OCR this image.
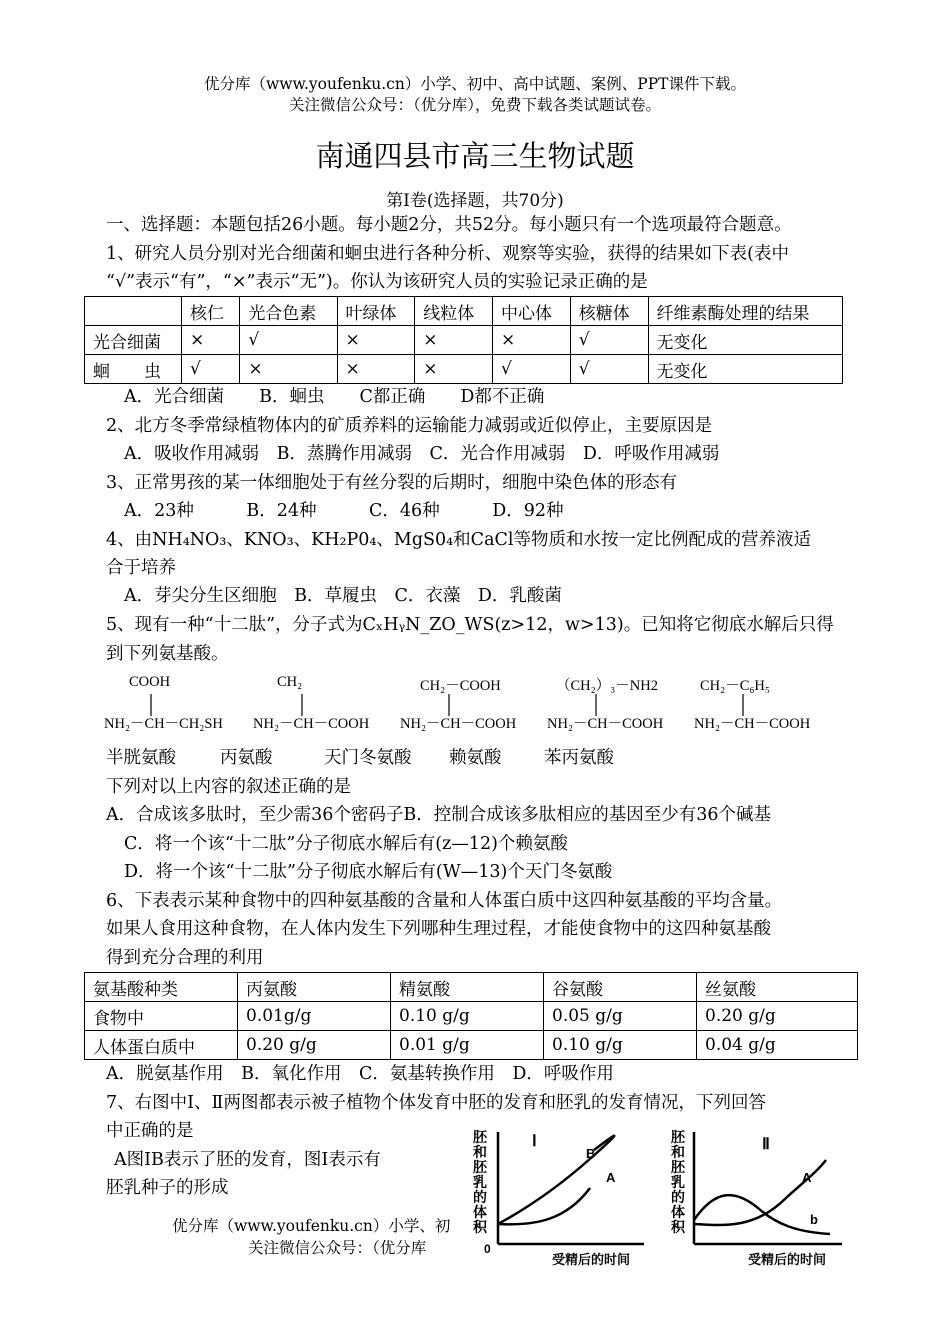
优分库（www.youfenku.cn）小学、初中、高中试题、案例、PPT课件下载。
关注微信公众号：（优分库），免费下载各类试题试卷。
南通四县市高三生物试题
第Ⅰ卷(选择题，共70分)
一、选择题：本题包括26小题。每小题2分，共52分。每小题只有一个选项最符合题意。
1、研究人员分别对光合细菌和蛔虫进行各种分析、观察等实验，获得的结果如下表(表中
“√”表示“有”，“×”表示“无”)。你认为该研究人员的实验记录正确的是
	核仁	光合色素	叶绿体	线粒体	中心体	核糖体	纤维素酶处理的结果
光合细菌	×	√	×	×	×	√	无变化
蛔　　虫	√	×	×	×	√	√	无变化
A．光合细菌　　B．蛔虫　　C都正确　　D都不正确
2、北方冬季常绿植物体内的矿质养料的运输能力减弱或近似停止，主要原因是
A．吸收作用减弱　B．蒸腾作用减弱　C．光合作用减弱　D．呼吸作用减弱
3、正常男孩的某一体细胞处于有丝分裂的后期时，细胞中染色体的形态有
A．23种　　　B．24种　　　C．46种　　　D．92种
4、由NH₄NO₃、KNO₃、KH₂P0₄、MgS0₄和CaCl等物质和水按一定比例配成的营养液适
合于培养
A．芽尖分生区细胞　B．草履虫　C．衣藻　D．乳酸菌
5、现有一种“十二肽”，分子式为CₓHᵧN_ZO_WS(z>12，w>13)。已知将它彻底水解后只得
到下列氨基酸。
COOH	CH₂	CH₂－COOH	（CH₂）₃－NH2	CH₂－C₆H₅
NH₂－CH－CH₂SH NH₂－CH－COOH NH₂－CH－COOH NH₂－CH－COOH NH₂－CH－COOH
半胱氨酸	丙氨酸	天门冬氨酸 赖氨酸 苯丙氨酸
下列对以上内容的叙述正确的是
A．合成该多肽时，至少需36个密码子B．控制合成该多肽相应的基因至少有36个碱基
C．将一个该“十二肽”分子彻底水解后有(z—12)个赖氨酸
D．将一个该“十二肽”分子彻底水解后有(W—13)个天门冬氨酸
6、下表表示某种食物中的四种氨基酸的含量和人体蛋白质中这四种氨基酸的平均含量。
如果人食用这种食物，在人体内发生下列哪种生理过程，才能使食物中的这四种氨基酸
得到充分合理的利用
氨基酸种类	丙氨酸	精氨酸	谷氨酸	丝氨酸
食物中	0.01g/g	0.10 g/g	0.05 g/g	0.20 g/g
人体蛋白质中	0.20 g/g	0.01 g/g	0.10 g/g	0.04 g/g
A．脱氨基作用　B．氧化作用　C．氨基转换作用　D．呼吸作用
7、右图中Ⅰ、Ⅱ两图都表示被子植物个体发育中胚的发育和胚乳的发育情况，下列回答
中正确的是
A图ⅠB表示了胚的发育，图Ⅰ表示有
胚乳种子的形成
胚
和
胚
乳
的
体
积
Ⅰ
B
A
0
受精后的时间
胚
和
胚
乳
的
体
积
Ⅱ
A
b
受精后的时间
优分库（www.youfenku.cn）小学、初
关注微信公众号：（优分库
